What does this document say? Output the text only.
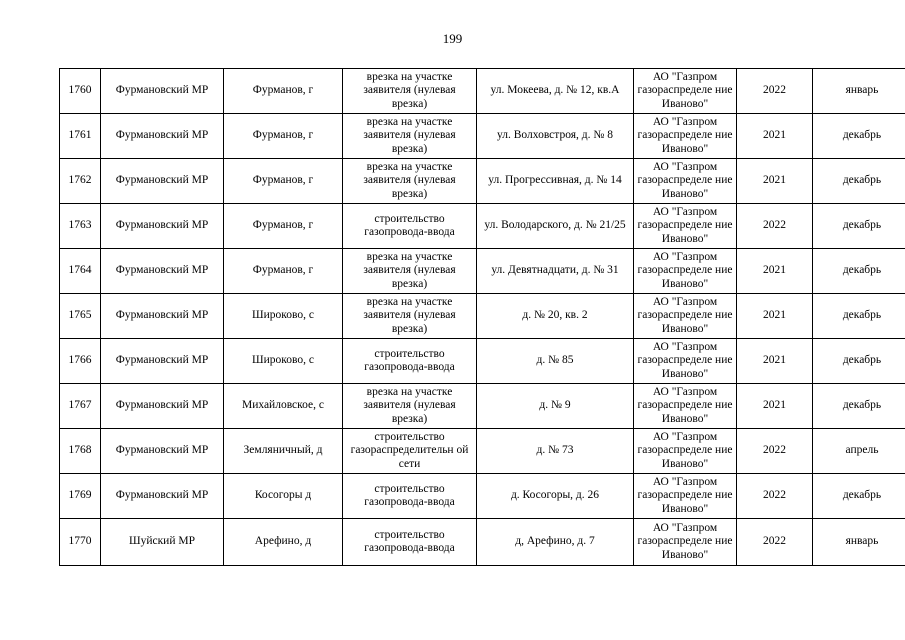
199
1760	Фурмановский МР	Фурманов, г	врезка на участке заявителя (нулевая врезка)	ул. Мокеева, д. № 12, кв.А	АО "Газпром газораспределе ние Иваново"	2022	январь
1761	Фурмановский МР	Фурманов, г	врезка на участке заявителя (нулевая врезка)	ул. Волховстроя, д. № 8	АО "Газпром газораспределе ние Иваново"	2021	декабрь
1762	Фурмановский МР	Фурманов, г	врезка на участке заявителя (нулевая врезка)	ул. Прогрессивная, д. № 14	АО "Газпром газораспределе ние Иваново"	2021	декабрь
1763	Фурмановский МР	Фурманов, г	строительство газопровода-ввода	ул. Володарского, д. № 21/25	АО "Газпром газораспределе ние Иваново"	2022	декабрь
1764	Фурмановский МР	Фурманов, г	врезка на участке заявителя (нулевая врезка)	ул. Девятнадцати, д. № 31	АО "Газпром газораспределе ние Иваново"	2021	декабрь
1765	Фурмановский МР	Широково, с	врезка на участке заявителя (нулевая врезка)	д. № 20, кв. 2	АО "Газпром газораспределе ние Иваново"	2021	декабрь
1766	Фурмановский МР	Широково, с	строительство газопровода-ввода	д. № 85	АО "Газпром газораспределе ние Иваново"	2021	декабрь
1767	Фурмановский МР	Михайловское, с	врезка на участке заявителя (нулевая врезка)	д. № 9	АО "Газпром газораспределе ние Иваново"	2021	декабрь
1768	Фурмановский МР	Земляничный, д	строительство газораспределительн ой сети	д. № 73	АО "Газпром газораспределе ние Иваново"	2022	апрель
1769	Фурмановский МР	Косогоры д	строительство газопровода-ввода	д. Косогоры, д. 26	АО "Газпром газораспределе ние Иваново"	2022	декабрь
1770	Шуйский МР	Арефино, д	строительство газопровода-ввода	д, Арефино, д. 7	АО "Газпром газораспределе ние Иваново"	2022	январь
